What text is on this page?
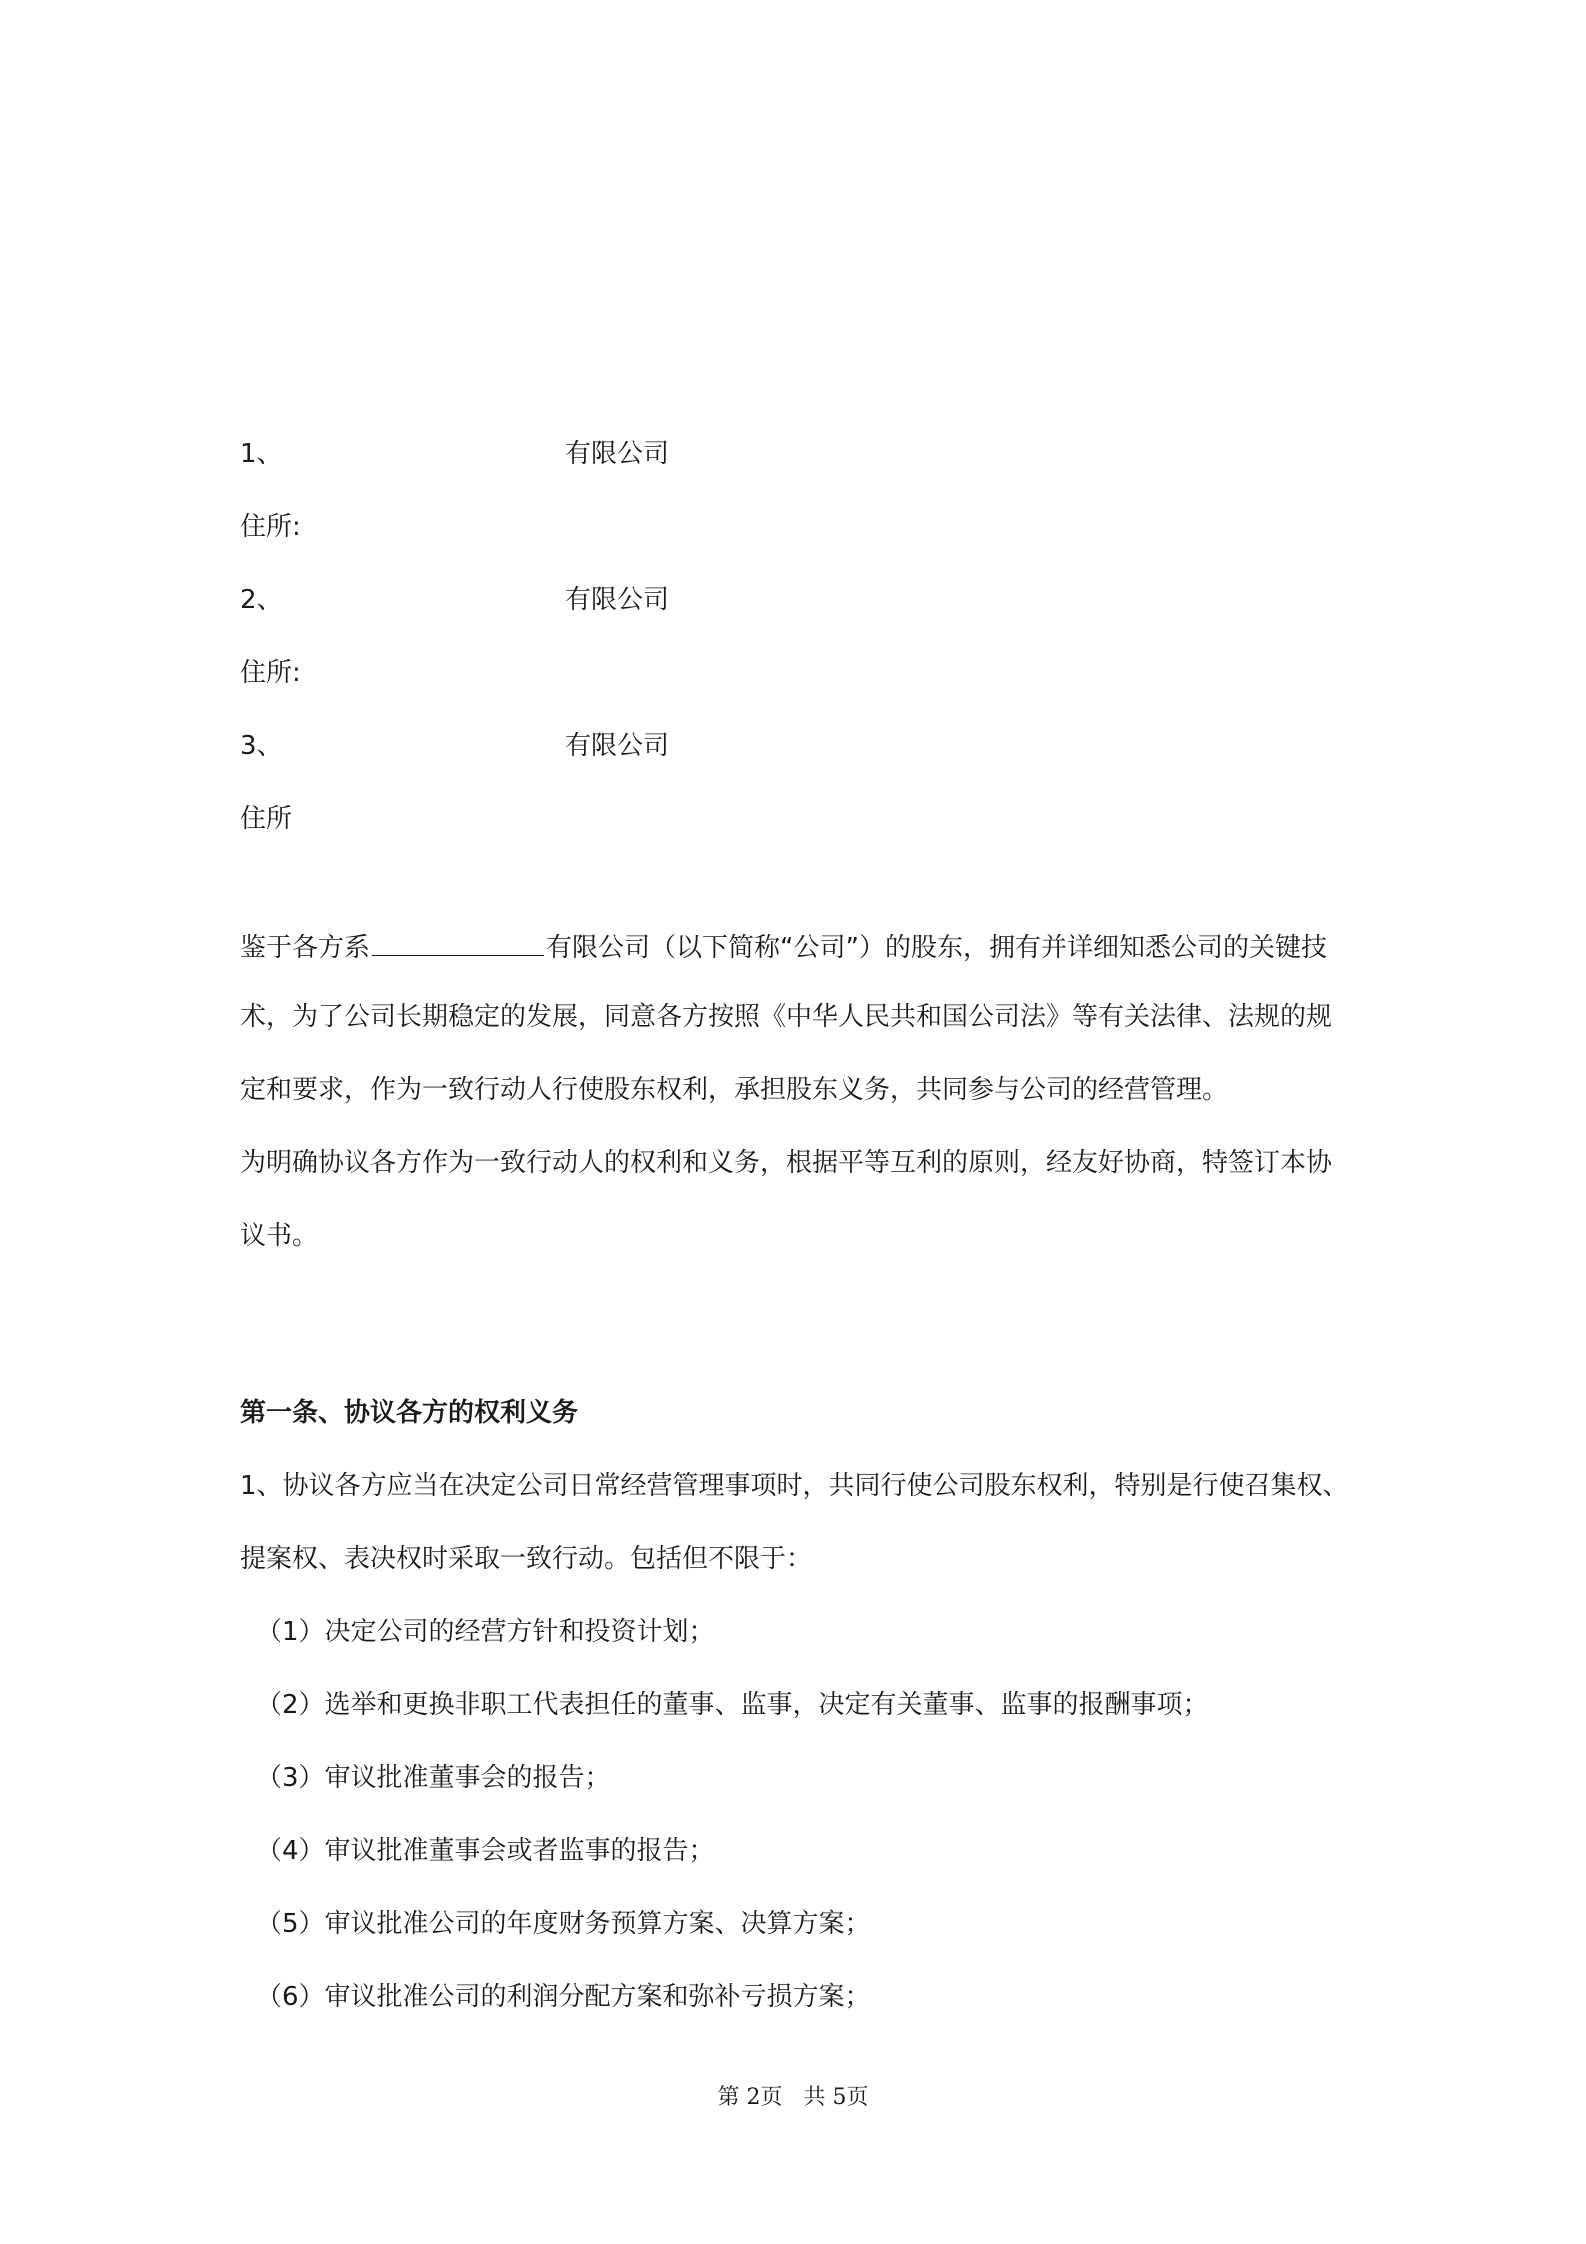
1、	有限公司
住所:
2、	有限公司
住所:
3、	有限公司
住所
鉴于各方系	有限公司（以下简称“公司”）的股东，拥有并详细知悉公司的关键技
术，为了公司长期稳定的发展，同意各方按照《中华人民共和国公司法》等有关法律、法规的规
定和要求，作为一致行动人行使股东权利，承担股东义务，共同参与公司的经营管理。
为明确协议各方作为一致行动人的权利和义务，根据平等互利的原则，经友好协商，特签订本协
议书。
第一条、协议各方的权利义务
1、协议各方应当在决定公司日常经营管理事项时，共同行使公司股东权利，特别是行使召集权、
提案权、表决权时采取一致行动。包括但不限于：
（1）决定公司的经营方针和投资计划；
（2）选举和更换非职工代表担任的董事、监事，决定有关董事、监事的报酬事项；
（3）审议批准董事会的报告；
（4）审议批准董事会或者监事的报告；
（5）审议批准公司的年度财务预算方案、决算方案；
（6）审议批准公司的利润分配方案和弥补亏损方案；
第 2页   共 5页
